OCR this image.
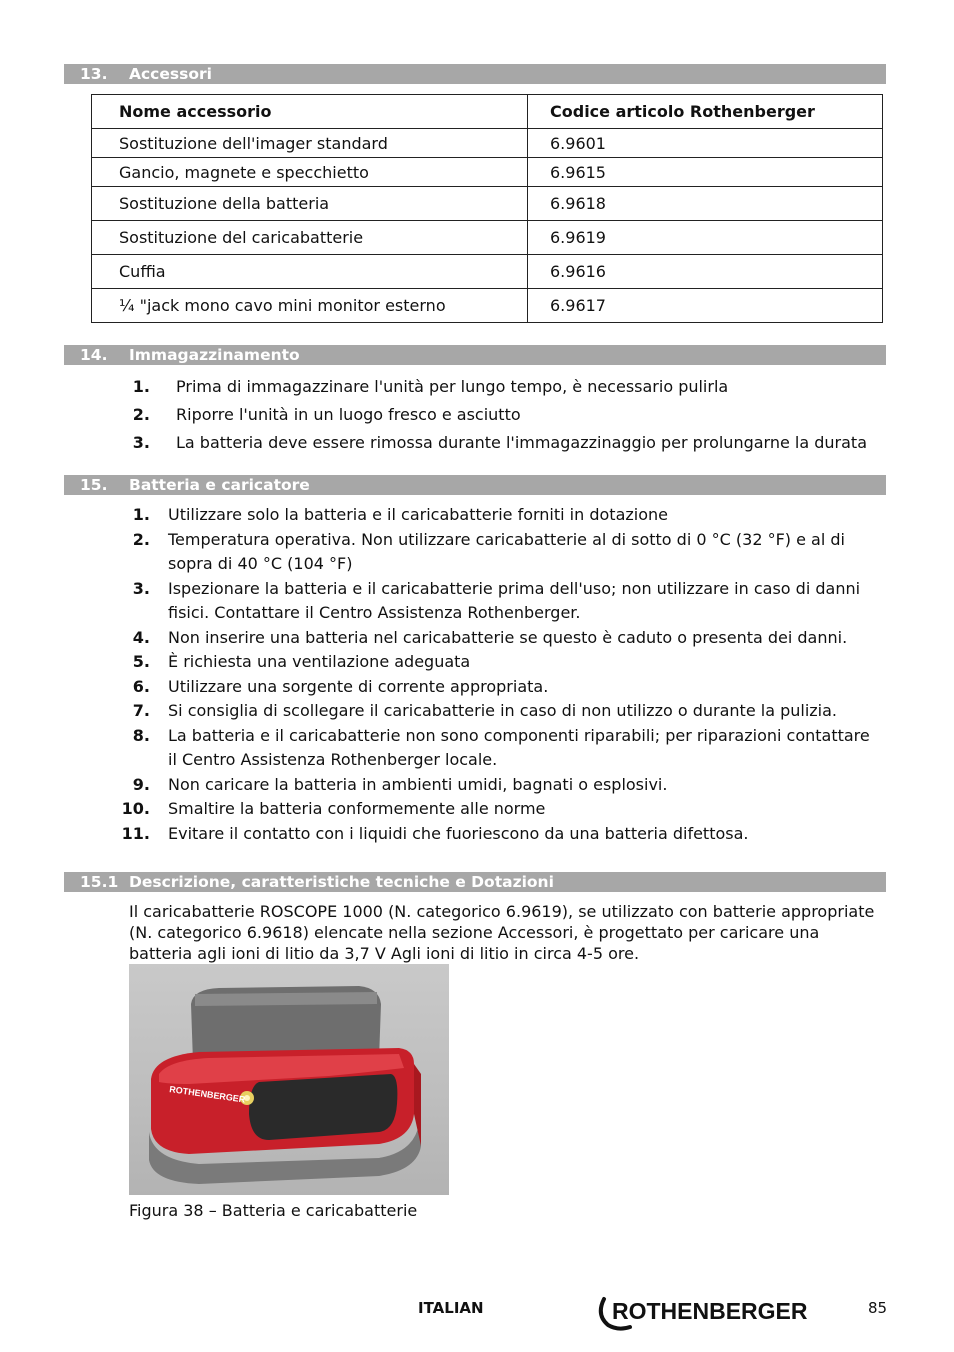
13. Accessori
Nome accessorio	Codice articolo Rothenberger
Sostituzione dell'imager standard	6.9601
Gancio, magnete e specchietto	6.9615
Sostituzione della batteria	6.9618
Sostituzione del caricabatterie	6.9619
Cuffia	6.9616
¼ "jack mono cavo mini monitor esterno	6.9617
14. Immagazzinamento
1. Prima di immagazzinare l'unità per lungo tempo, è necessario pulirla
2. Riporre l'unità in un luogo fresco e asciutto
3. La batteria deve essere rimossa durante l'immagazzinaggio per prolungarne la durata
15. Batteria e caricatore
1. Utilizzare solo la batteria e il caricabatterie forniti in dotazione
2. Temperatura operativa. Non utilizzare caricabatterie al di sotto di 0 °C (32 °F) e al di sopra di 40 °C (104 °F)
3. Ispezionare la batteria e il caricabatterie prima dell'uso; non utilizzare in caso di danni fisici. Contattare il Centro Assistenza Rothenberger.
4. Non inserire una batteria nel caricabatterie se questo è caduto o presenta dei danni.
5. È richiesta una ventilazione adeguata
6. Utilizzare una sorgente di corrente appropriata.
7. Si consiglia di scollegare il caricabatterie in caso di non utilizzo o durante la pulizia.
8. La batteria e il caricabatterie non sono componenti riparabili; per riparazioni contattare il Centro Assistenza Rothenberger locale.
9. Non caricare la batteria in ambienti umidi, bagnati o esplosivi.
10. Smaltire la batteria conformemente alle norme
11. Evitare il contatto con i liquidi che fuoriescono da una batteria difettosa.
15.1 Descrizione, caratteristiche tecniche e Dotazioni
Il caricabatterie ROSCOPE 1000 (N. categorico 6.9619), se utilizzato con batterie appropriate (N. categorico 6.9618) elencate nella sezione Accessori, è progettato per caricare una batteria agli ioni di litio da 3,7 V Agli ioni di litio in circa 4-5 ore.
ROTHENBERGER
Figura 38 – Batteria e caricabatterie
ITALIAN	ROTHENBERGER	85
